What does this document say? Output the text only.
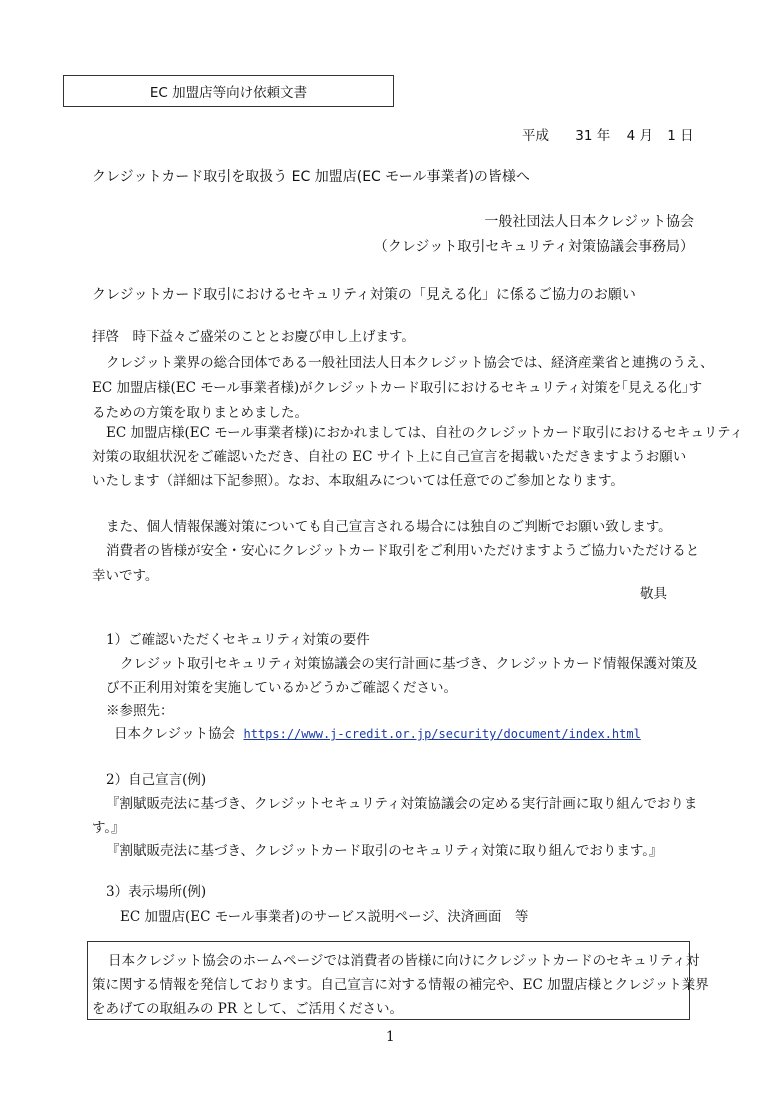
EC 加盟店等向け依頼文書
平成 31 年 4 月 1 日
クレジットカード取引を取扱う EC 加盟店(EC モール事業者)の皆様へ
一般社団法人日本クレジット協会
（クレジット取引セキュリティ対策協議会事務局）
クレジットカード取引におけるセキュリティ対策の「見える化」に係るご協力のお願い
拝啓　時下益々ご盛栄のこととお慶び申し上げます。
クレジット業界の総合団体である一般社団法人日本クレジット協会では、経済産業省と連携のうえ、
EC 加盟店様(EC モール事業者様)がクレジットカード取引におけるセキュリティ対策を｢見える化｣す
るための方策を取りまとめました。
EC 加盟店様(EC モール事業者様)におかれましては、自社のクレジットカード取引におけるセキュリティ
対策の取組状況をご確認いただき、自社の EC サイト上に自己宣言を掲載いただきますようお願い
いたします（詳細は下記参照）。なお、本取組みについては任意でのご参加となります。
また、個人情報保護対策についても自己宣言される場合には独自のご判断でお願い致します。
消費者の皆様が安全・安心にクレジットカード取引をご利用いただけますようご協力いただけると
幸いです。
敬具
1）ご確認いただくセキュリティ対策の要件
クレジット取引セキュリティ対策協議会の実行計画に基づき、クレジットカード情報保護対策及
び不正利用対策を実施しているかどうかご確認ください。
※参照先：
日本クレジット協会 https://www.j-credit.or.jp/security/document/index.html
2）自己宣言(例)
『割賦販売法に基づき、クレジットセキュリティ対策協議会の定める実行計画に取り組んでおりま
す。』
『割賦販売法に基づき、クレジットカード取引のセキュリティ対策に取り組んでおります。』
3）表示場所(例)
EC 加盟店(EC モール事業者)のサービス説明ページ、決済画面　等
日本クレジット協会のホームページでは消費者の皆様に向けにクレジットカードのセキュリティ対
策に関する情報を発信しております。自己宣言に対する情報の補完や、EC 加盟店様とクレジット業界
をあげての取組みの PR として、ご活用ください。
1
